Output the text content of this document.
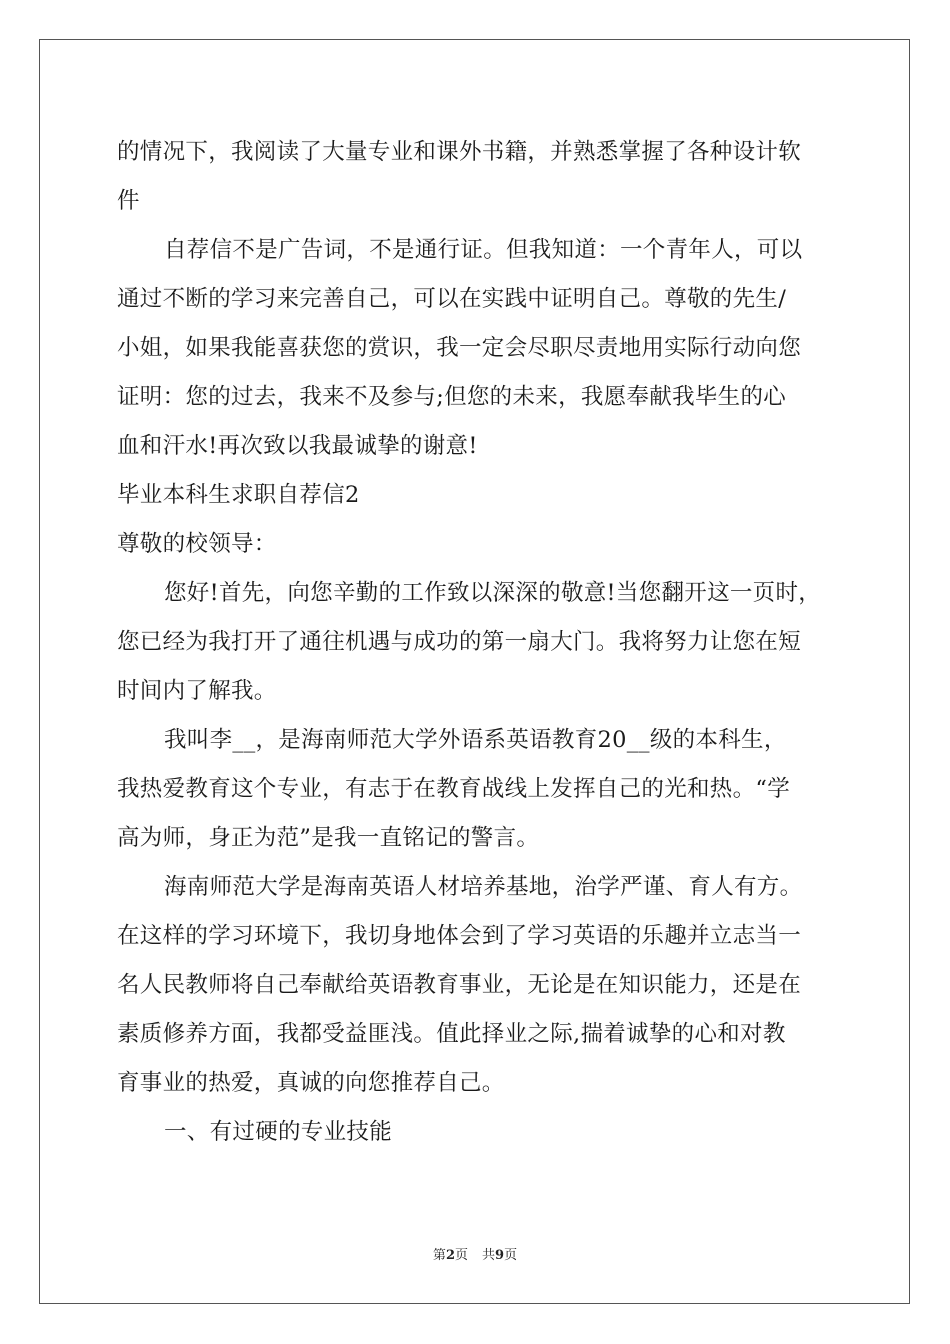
的情况下，我阅读了大量专业和课外书籍，并熟悉掌握了各种设计软
件
自荐信不是广告词，不是通行证。但我知道：一个青年人，可以
通过不断的学习来完善自己，可以在实践中证明自己。尊敬的先生/
小姐，如果我能喜获您的赏识，我一定会尽职尽责地用实际行动向您
证明：您的过去，我来不及参与;但您的未来，我愿奉献我毕生的心
血和汗水!再次致以我最诚挚的谢意!
毕业本科生求职自荐信2
尊敬的校领导：
您好!首先，向您辛勤的工作致以深深的敬意!当您翻开这一页时，
您已经为我打开了通往机遇与成功的第一扇大门。我将努力让您在短
时间内了解我。
我叫李__，是海南师范大学外语系英语教育20__级的本科生，
我热爱教育这个专业，有志于在教育战线上发挥自己的光和热。“学
高为师，身正为范”是我一直铭记的警言。
海南师范大学是海南英语人材培养基地，治学严谨、育人有方。
在这样的学习环境下，我切身地体会到了学习英语的乐趣并立志当一
名人民教师将自己奉献给英语教育事业，无论是在知识能力，还是在
素质修养方面，我都受益匪浅。值此择业之际,揣着诚挚的心和对教
育事业的热爱，真诚的向您推荐自己。
一、有过硬的专业技能
第2页 共9页
